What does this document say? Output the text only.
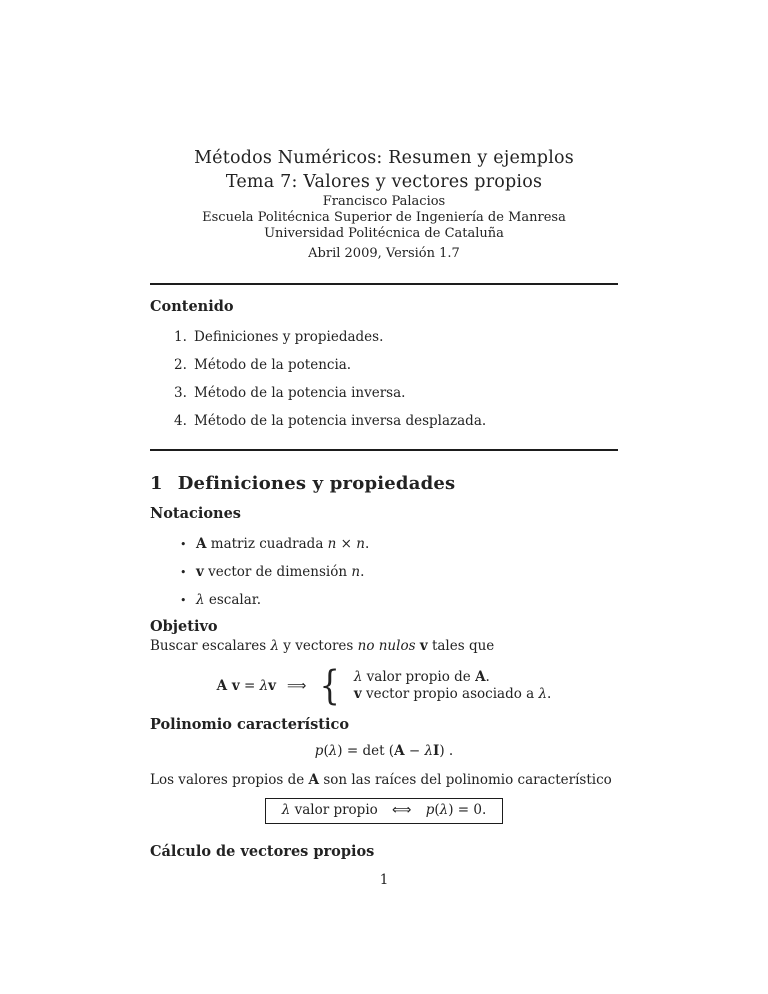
Métodos Numéricos: Resumen y ejemplos
Tema 7: Valores y vectores propios
Francisco Palacios
Escuela Politécnica Superior de Ingeniería de Manresa
Universidad Politécnica de Cataluña
Abril 2009, Versión 1.7
Contenido
1. Definiciones y propiedades.
2. Método de la potencia.
3. Método de la potencia inversa.
4. Método de la potencia inversa desplazada.
1 Definiciones y propiedades
Notaciones
• A matriz cuadrada n × n.
• v vector de dimensión n.
• λ escalar.
Objetivo
Buscar escalares λ y vectores no nulos v tales que
A v = λv ⟹ { λ valor propio de A.
v vector propio asociado a λ.
Polinomio característico
p(λ) = det (A − λI) .
Los valores propios de A son las raíces del polinomio característico
λ valor propio ⟺ p(λ) = 0.
Cálculo de vectores propios
1
